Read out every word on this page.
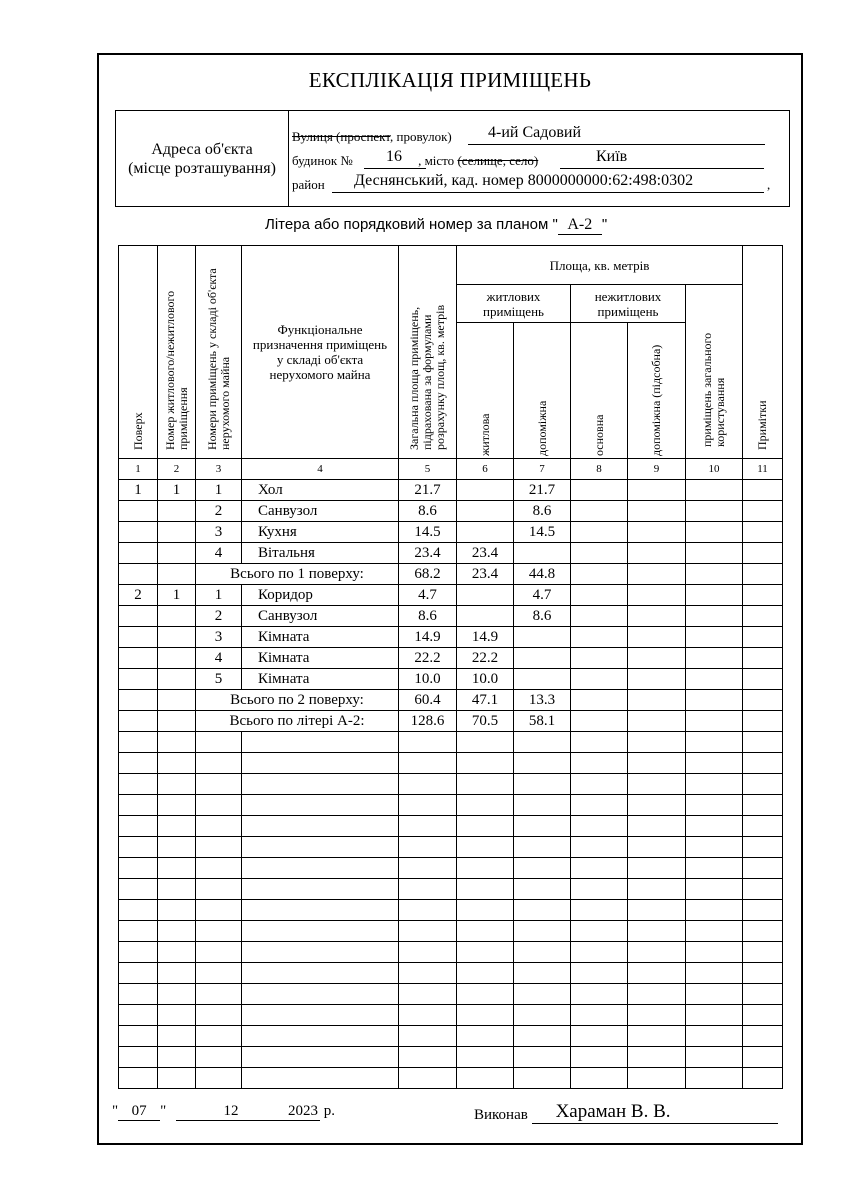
ЕКСПЛІКАЦІЯ ПРИМІЩЕНЬ
Адреса об'єкта
(місце розташування)
Вулиця (проспект, провулок) 4-ий Садовий
будинок №	, місто (селище, село)
16	Київ
район Деснянський, кад. номер 8000000000:62:498:0302	,
Літера або порядковий номер за планом " А-2 "
Поверх	Номер житлового/нежитлового приміщення	Номери приміщень у складі об'єкта нерухомого майна	Функціональне призначення приміщень у складі об'єкта нерухомого майна	Загальна площа приміщень, підрахована за формулами розрахунку площ, кв. метрів	Площа, кв. метрів					Примітки

					житлових приміщень		нежитлових приміщень		приміщень загального користування	

					житлова	допоміжна	основна	допоміжна (підсобна)		

1	2	3	4	5	6	7	8	9	10	11
1	1	1	Хол	21.7		21.7				
		2	Санвузол	8.6		8.6				
		3	Кухня	14.5		14.5				
		4	Вітальня	23.4	23.4					
		Всього по 1 поверху:		68.2	23.4	44.8				
2	1	1	Коридор	4.7		4.7				
		2	Санвузол	8.6		8.6				
		3	Кімната	14.9	14.9					
		4	Кімната	22.2	22.2					
		5	Кімната	10.0	10.0					
		Всього по 2 поверху:		60.4	47.1	13.3				
		Всього по літері А-2:		128.6	70.5	58.1				

" 07 "	12	2023 р.	Виконав Хараман В. В.
